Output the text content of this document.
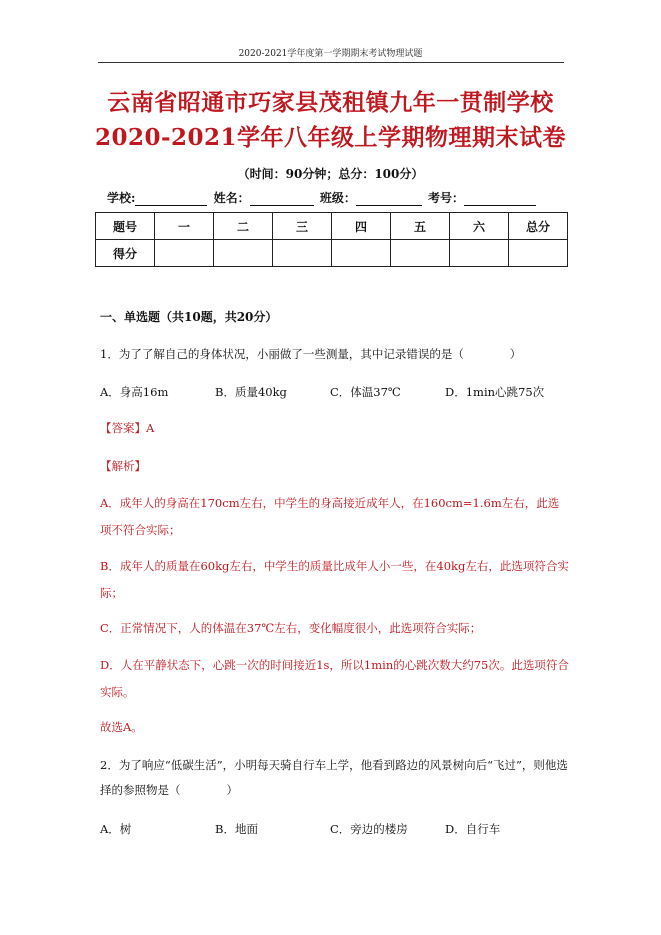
2020-2021学年度第一学期期末考试物理试题
云南省昭通市巧家县茂租镇九年一贯制学校
2020-2021学年八年级上学期物理期末试卷
（时间：90分钟；总分：100分）
学校:	姓名：	班级：	考号：
题号	一	二	三	四	五	六	总分
得分							
一、单选题（共10题，共20分）
1．为了了解自己的身体状况，小丽做了一些测量，其中记录错误的是（　　　　）
A．身高16m	B．质量40kg	C．体温37℃	D．1min心跳75次
【答案】A
【解析】
A．成年人的身高在170cm左右，中学生的身高接近成年人，在160cm=1.6m左右，此选项不符合实际；
B．成年人的质量在60kg左右，中学生的质量比成年人小一些，在40kg左右，此选项符合实际；
C．正常情况下，人的体温在37℃左右，变化幅度很小，此选项符合实际；
D．人在平静状态下，心跳一次的时间接近1s，所以1min的心跳次数大约75次。此选项符合实际。
故选A。
2．为了响应“低碳生活”，小明每天骑自行车上学，他看到路边的风景树向后“飞过”，则他选择的参照物是（　　　　）
A．树	B．地面	C．旁边的楼房	D．自行车
